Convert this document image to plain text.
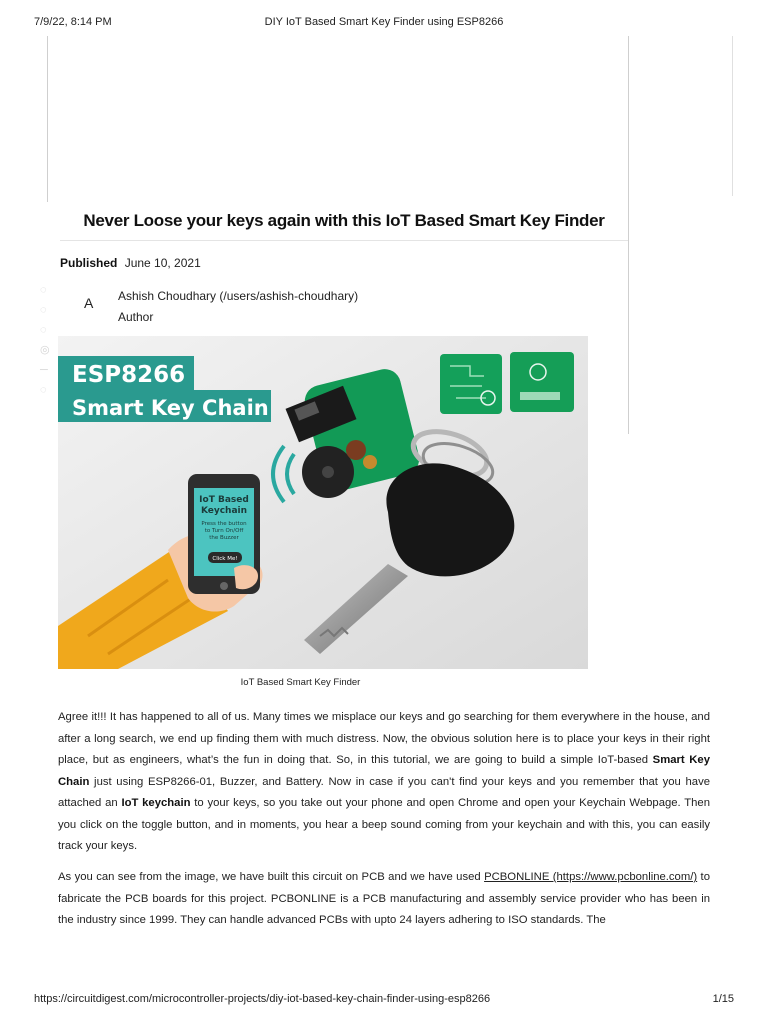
7/9/22, 8:14 PM	DIY IoT Based Smart Key Finder using ESP8266
◌
◌
◌
◎
─
◌
Never Loose your keys again with this IoT Based Smart Key Finder
Published June 10, 2021
A Ashish Choudhary (/users/ashish-choudhary)
Author
ESP8266
Smart Key Chain
IoT Based
Keychain
Press the button
to Turn On/Off
the Buzzer
Click Me!
IoT Based Smart Key Finder

Agree it!!! It has happened to all of us. Many times we misplace our keys and go searching for them everywhere in the house, and after a long search, we end up finding them with much distress. Now, the obvious solution here is to place your keys in their right place, but as engineers, what’s the fun in doing that. So, in this tutorial, we are going to build a simple IoT-based Smart Key Chain just using ESP8266-01, Buzzer, and Battery. Now in case if you can't find your keys and you remember that you have attached an IoT keychain to your keys, so you take out your phone and open Chrome and open your Keychain Webpage. Then you click on the toggle button, and in moments, you hear a beep sound coming from your keychain and with this, you can easily track your keys.

As you can see from the image, we have built this circuit on PCB and we have used PCBONLINE (https://www.pcbonline.com/) to fabricate the PCB boards for this project. PCBONLINE is a PCB manufacturing and assembly service provider who has been in the industry since 1999. They can handle advanced PCBs with upto 24 layers adhering to ISO standards. The

https://circuitdigest.com/microcontroller-projects/diy-iot-based-key-chain-finder-using-esp8266	1/15
